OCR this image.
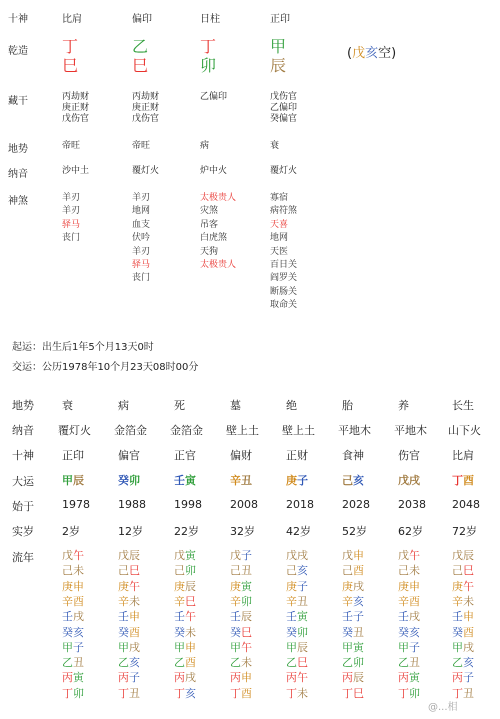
十神
乾造
藏干
地势
纳音
神煞
比肩
丁
巳
丙劫财
庚正财
戊伤官
帝旺
沙中土
羊刃
羊刃
驿马
丧门
偏印
乙
巳
丙劫财
庚正财
戊伤官
帝旺
覆灯火
羊刃
地网
血支
伏吟
羊刃
驿马
丧门
日柱
丁
卯
乙偏印
病
炉中火
太极贵人
灾煞
吊客
白虎煞
天狗
太极贵人
正印
甲
辰
戊伤官
乙偏印
癸偏官
衰
覆灯火
寡宿
病符煞
天喜
地网
天医
百日关
阎罗关
断肠关
取命关
(戊亥空)
起运：出生后1年5个月13天0时
交运：公历1978年10个月23天08时00分
地势
纳音
十神
大运
始于
实岁
流年
衰
覆灯火
正印
甲辰
1978
2岁
戊午
己未
庚申
辛酉
壬戌
癸亥
甲子
乙丑
丙寅
丁卯
病
金箔金
偏官
癸卯
1988
12岁
戊辰
己巳
庚午
辛未
壬申
癸酉
甲戌
乙亥
丙子
丁丑
死
金箔金
正官
壬寅
1998
22岁
戊寅
己卯
庚辰
辛巳
壬午
癸未
甲申
乙酉
丙戌
丁亥
墓
壁上土
偏财
辛丑
2008
32岁
戊子
己丑
庚寅
辛卯
壬辰
癸巳
甲午
乙未
丙申
丁酉
绝
壁上土
正财
庚子
2018
42岁
戊戌
己亥
庚子
辛丑
壬寅
癸卯
甲辰
乙巳
丙午
丁未
胎
平地木
食神
己亥
2028
52岁
戊申
己酉
庚戌
辛亥
壬子
癸丑
甲寅
乙卯
丙辰
丁巳
养
平地木
伤官
戊戌
2038
62岁
戊午
己未
庚申
辛酉
壬戌
癸亥
甲子
乙丑
丙寅
丁卯
长生
山下火
比肩
丁酉
2048
72岁
戊辰
己巳
庚午
辛未
壬申
癸酉
甲戌
乙亥
丙子
丁丑
@...相
